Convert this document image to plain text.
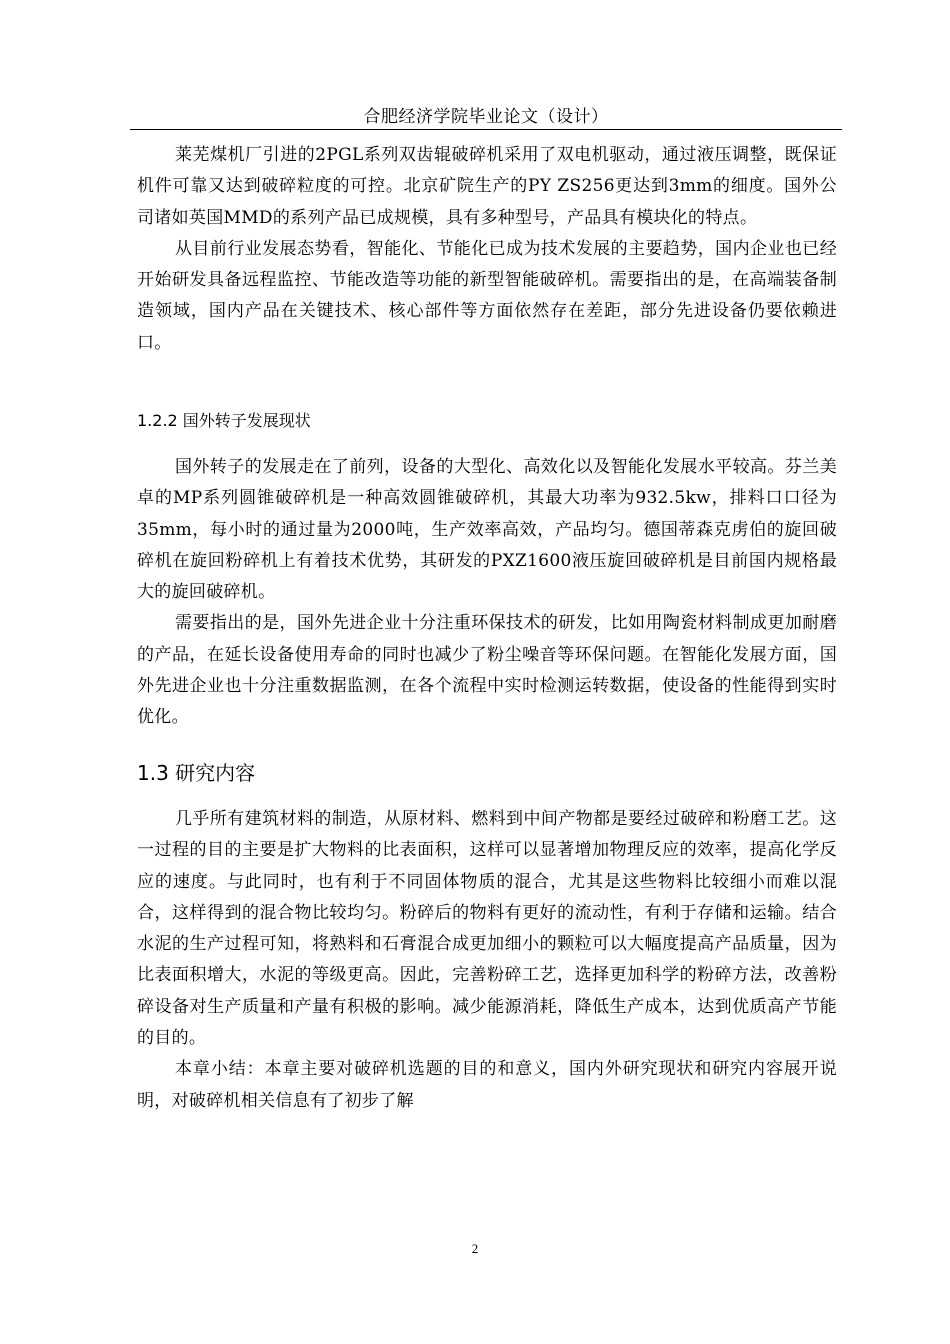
合肥经济学院毕业论文（设计）

莱芜煤机厂引进的2PGL系列双齿辊破碎机采用了双电机驱动，通过液压调整，既保证机件可靠又达到破碎粒度的可控。北京矿院生产的PY ZS256更达到3mm的细度。国外公司诸如英国MMD的系列产品已成规模，具有多种型号，产品具有模块化的特点。

从目前行业发展态势看，智能化、节能化已成为技术发展的主要趋势，国内企业也已经开始研发具备远程监控、节能改造等功能的新型智能破碎机。需要指出的是，在高端装备制造领域，国内产品在关键技术、核心部件等方面依然存在差距，部分先进设备仍要依赖进口。

1.2.2 国外转子发展现状

国外转子的发展走在了前列，设备的大型化、高效化以及智能化发展水平较高。芬兰美卓的MP系列圆锥破碎机是一种高效圆锥破碎机，其最大功率为932.5kw，排料口口径为35mm，每小时的通过量为2000吨，生产效率高效，产品均匀。德国蒂森克虏伯的旋回破碎机在旋回粉碎机上有着技术优势，其研发的PXZ1600液压旋回破碎机是目前国内规格最大的旋回破碎机。

需要指出的是，国外先进企业十分注重环保技术的研发，比如用陶瓷材料制成更加耐磨的产品，在延长设备使用寿命的同时也减少了粉尘噪音等环保问题。在智能化发展方面，国外先进企业也十分注重数据监测，在各个流程中实时检测运转数据，使设备的性能得到实时优化。

1.3 研究内容

几乎所有建筑材料的制造，从原材料、燃料到中间产物都是要经过破碎和粉磨工艺。这一过程的目的主要是扩大物料的比表面积，这样可以显著增加物理反应的效率，提高化学反应的速度。与此同时，也有利于不同固体物质的混合，尤其是这些物料比较细小而难以混合，这样得到的混合物比较均匀。粉碎后的物料有更好的流动性，有利于存储和运输。结合水泥的生产过程可知，将熟料和石膏混合成更加细小的颗粒可以大幅度提高产品质量，因为比表面积增大，水泥的等级更高。因此，完善粉碎工艺，选择更加科学的粉碎方法，改善粉碎设备对生产质量和产量有积极的影响。减少能源消耗，降低生产成本，达到优质高产节能的目的。

本章小结：本章主要对破碎机选题的目的和意义，国内外研究现状和研究内容展开说明，对破碎机相关信息有了初步了解

2
